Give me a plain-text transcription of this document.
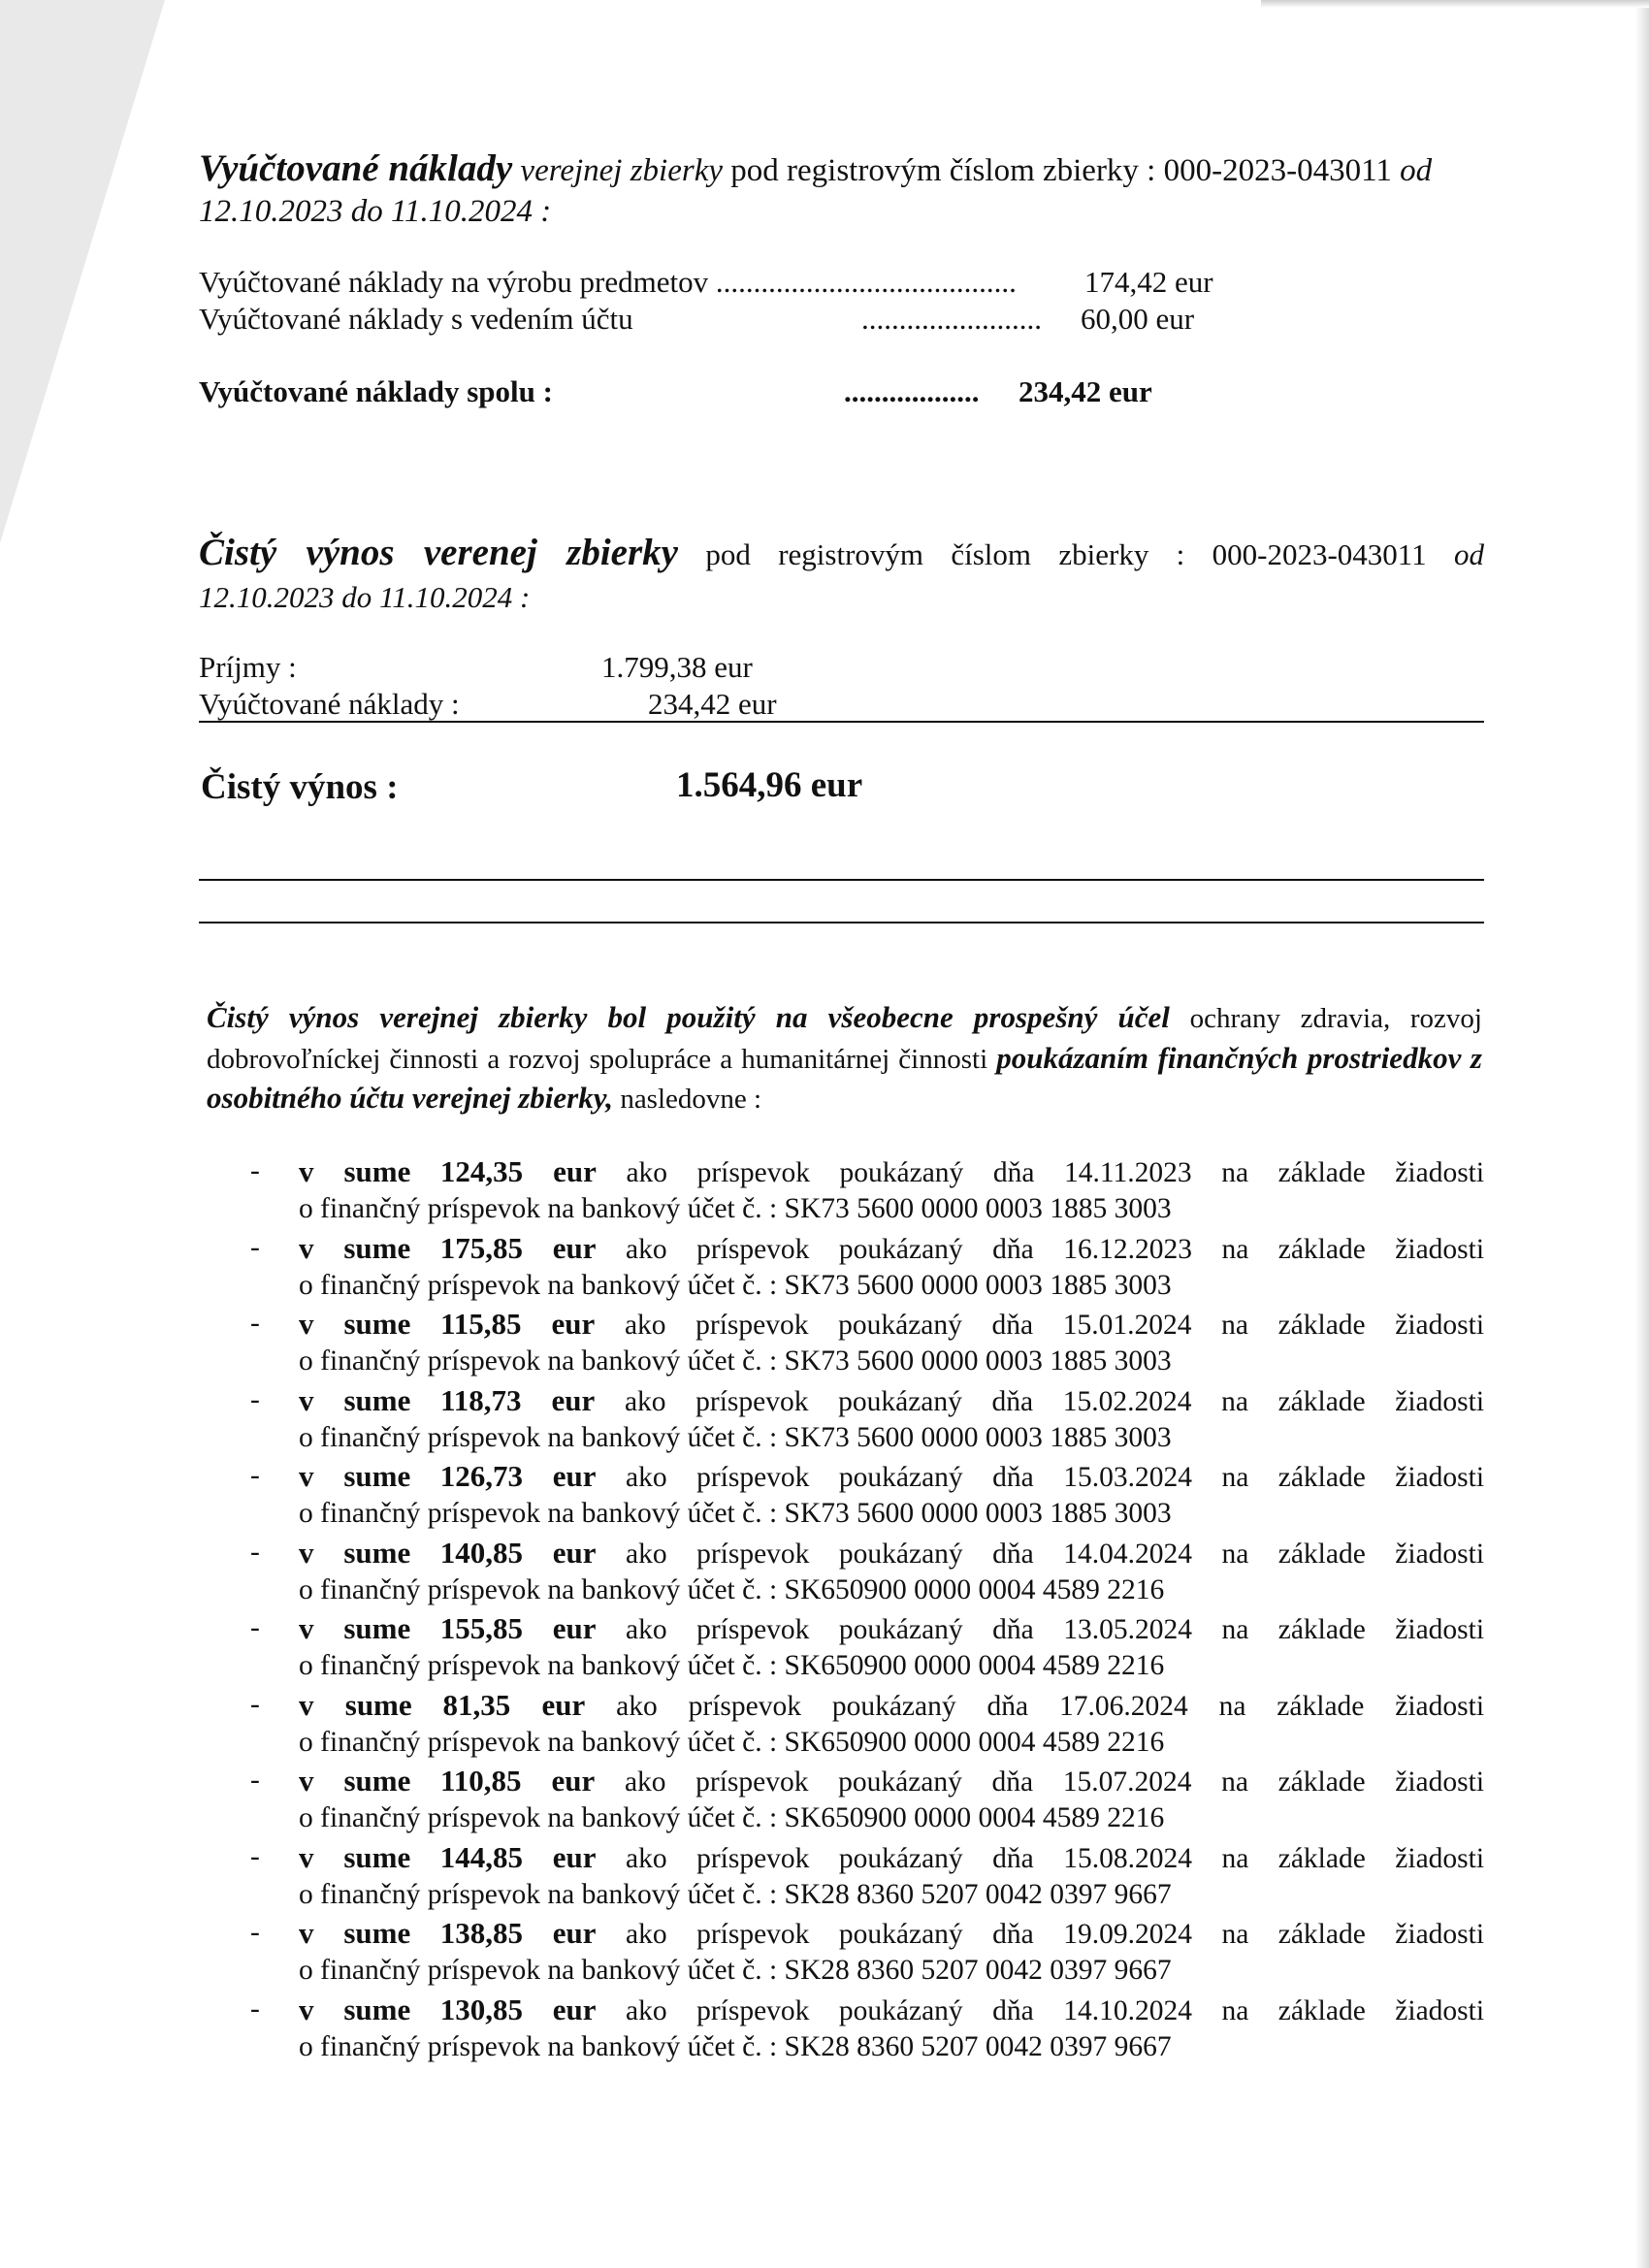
Vyúčtované náklady verejnej zbierky pod registrovým číslom zbierky : 000-2023-043011 od
12.10.2023 do 11.10.2024 :
Vyúčtované náklady na výrobu predmetov ........................................ 174,42 eur
Vyúčtované náklady s vedením účtu	........................ 60,00 eur
Vyúčtované náklady spolu :	.................. 234,42 eur
Čistý výnos verenej zbierky pod registrovým číslom zbierky : 000-2023-043011 od
12.10.2023 do 11.10.2024 :
Príjmy :	1.799,38 eur
Vyúčtované náklady :	234,42 eur
Čistý výnos :	1.564,96 eur
Čistý výnos verejnej zbierky bol použitý na všeobecne prospešný účel ochrany zdravia, rozvoj dobrovoľníckej činnosti a rozvoj spolupráce a humanitárnej činnosti poukázaním finančných prostriedkov z osobitného účtu verejnej zbierky, nasledovne :
- v sume 124,35 eur ako príspevok poukázaný dňa 14.11.2023 na základe žiadosti
o finančný príspevok na bankový účet č. : SK73 5600 0000 0003 1885 3003
- v sume 175,85 eur ako príspevok poukázaný dňa 16.12.2023 na základe žiadosti
o finančný príspevok na bankový účet č. : SK73 5600 0000 0003 1885 3003
- v sume 115,85 eur ako príspevok poukázaný dňa 15.01.2024 na základe žiadosti
o finančný príspevok na bankový účet č. : SK73 5600 0000 0003 1885 3003
- v sume 118,73 eur ako príspevok poukázaný dňa 15.02.2024 na základe žiadosti
o finančný príspevok na bankový účet č. : SK73 5600 0000 0003 1885 3003
- v sume 126,73 eur ako príspevok poukázaný dňa 15.03.2024 na základe žiadosti
o finančný príspevok na bankový účet č. : SK73 5600 0000 0003 1885 3003
- v sume 140,85 eur ako príspevok poukázaný dňa 14.04.2024 na základe žiadosti
o finančný príspevok na bankový účet č. : SK650900 0000 0004 4589 2216
- v sume 155,85 eur ako príspevok poukázaný dňa 13.05.2024 na základe žiadosti
o finančný príspevok na bankový účet č. : SK650900 0000 0004 4589 2216
- v sume 81,35 eur ako príspevok poukázaný dňa 17.06.2024 na základe žiadosti
o finančný príspevok na bankový účet č. : SK650900 0000 0004 4589 2216
- v sume 110,85 eur ako príspevok poukázaný dňa 15.07.2024 na základe žiadosti
o finančný príspevok na bankový účet č. : SK650900 0000 0004 4589 2216
- v sume 144,85 eur ako príspevok poukázaný dňa 15.08.2024 na základe žiadosti
o finančný príspevok na bankový účet č. : SK28 8360 5207 0042 0397 9667
- v sume 138,85 eur ako príspevok poukázaný dňa 19.09.2024 na základe žiadosti
o finančný príspevok na bankový účet č. : SK28 8360 5207 0042 0397 9667
- v sume 130,85 eur ako príspevok poukázaný dňa 14.10.2024 na základe žiadosti
o finančný príspevok na bankový účet č. : SK28 8360 5207 0042 0397 9667
